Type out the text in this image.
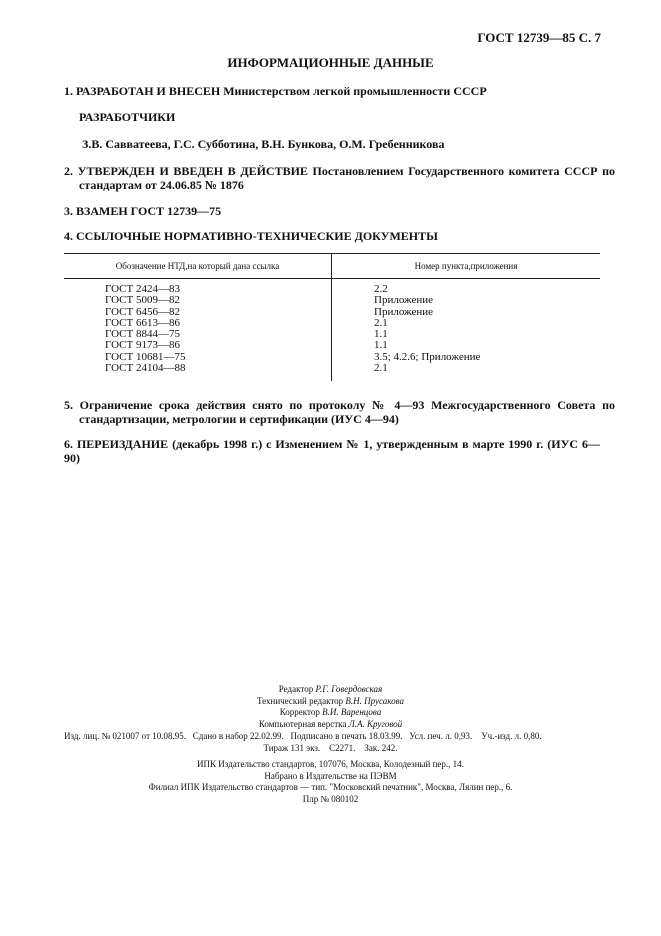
ГОСТ 12739—85 С. 7
ИНФОРМАЦИОННЫЕ ДАННЫЕ
1. РАЗРАБОТАН И ВНЕСЕН Министерством легкой промышленности СССР
РАЗРАБОТЧИКИ
З.В. Савватеева, Г.С. Субботина, В.Н. Бункова, О.М. Гребенникова
2. УТВЕРЖДЕН И ВВЕДЕН В ДЕЙСТВИЕ Постановлением Государственного комитета СССР по стандартам от 24.06.85 № 1876
3. ВЗАМЕН ГОСТ 12739—75
4. ССЫЛОЧНЫЕ НОРМАТИВНО-ТЕХНИЧЕСКИЕ ДОКУМЕНТЫ
Обозначение НТД,на который дана ссылка	Номер пункта,приложения
ГОСТ 2424—83	2.2
ГОСТ 5009—82	Приложение
ГОСТ 6456—82	Приложение
ГОСТ 6613—86	2.1
ГОСТ 8844—75	1.1
ГОСТ 9173—86	1.1
ГОСТ 10681—75	3.5; 4.2.6; Приложение
ГОСТ 24104—88	2.1
5. Ограничение срока действия снято по протоколу № 4—93 Межгосударственного Совета по стандартизации, метрологии и сертификации (ИУС 4—94)
6. ПЕРЕИЗДАНИЕ (декабрь 1998 г.) с Изменением № 1, утвержденным в марте 1990 г. (ИУС 6—90)
Редактор Р.Г. Говердовская
Технический редактор В.Н. Прусакова
Корректор В.И. Варенцова
Компьютерная верстка Л.А. Круговой
Изд. лиц. № 021007 от 10.08.95.   Сдано в набор 22.02.99.   Подписано в печать 18.03.99.   Усл. печ. л. 0,93.    Уч.-изд. л. 0,80.
Тираж 131 экз.    С2271.    Зак. 242.
ИПК Издательство стандартов, 107076, Москва, Колодезный пер., 14.
Набрано в Издательстве на ПЭВМ
Филиал ИПК Издательство стандартов — тип. "Московский печатник", Москва, Лялин пер., 6.
Плр № 080102
